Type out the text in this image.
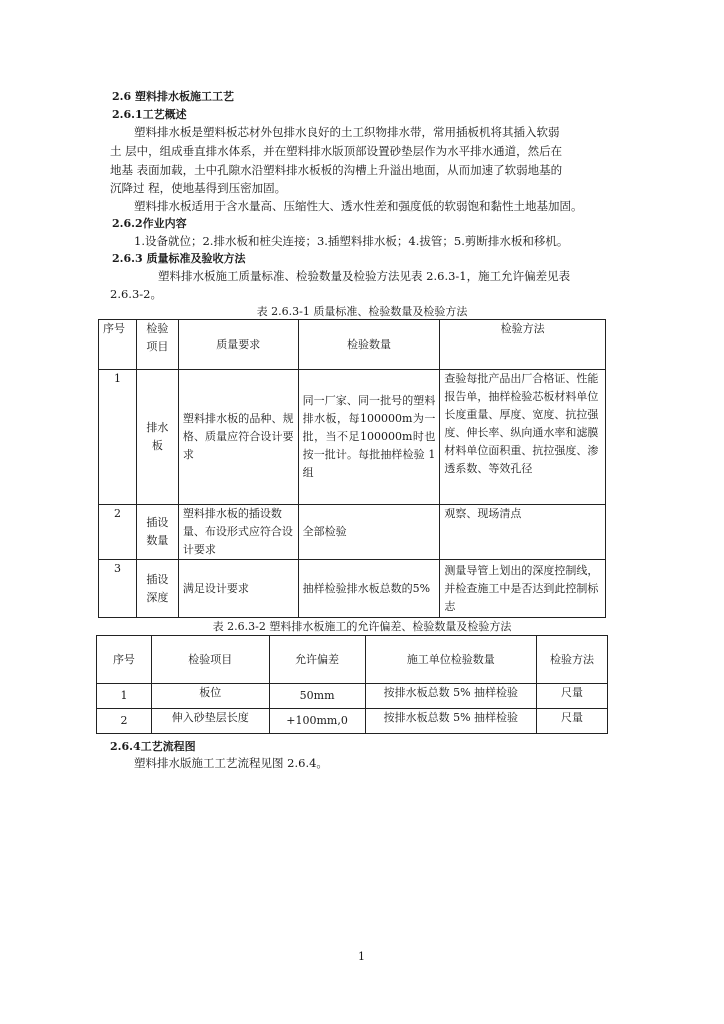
2.6 塑料排水板施工工艺
2.6.1工艺概述
塑料排水板是塑料板芯材外包排水良好的土工织物排水带，常用插板机将其插入软弱
土 层中，组成垂直排水体系，并在塑料排水版顶部设置砂垫层作为水平排水通道，然后在
地基 表面加载，土中孔隙水沿塑料排水板板的沟槽上升溢出地面，从而加速了软弱地基的
沉降过 程，使地基得到压密加固。
塑料排水板适用于含水量高、压缩性大、透水性差和强度低的软弱饱和黏性土地基加固。
2.6.2作业内容
1.设备就位；2.排水板和桩尖连接；3.插塑料排水板；4.拔管；5.剪断排水板和移机。
2.6.3 质量标准及验收方法
塑料排水板施工质量标准、检验数量及检验方法见表 2.6.3-1，施工允许偏差见表
2.6.3-2。
表 2.6.3-1 质量标准、检验数量及检验方法
序号	检验项目	质量要求	检验数量	检验方法
1	排水板	塑料排水板的品种、规格、质量应符合设计要求	同一厂家、同一批号的塑料排水板，每100000m为一批，当不足100000m时也按一批计。每批抽样检验 1 组	查验每批产品出厂合格证、性能报告单，抽样检验芯板材料单位长度重量、厚度、宽度、抗拉强度、伸长率、纵向通水率和滤膜材料单位面积重、抗拉强度、渗透系数、等效孔径
2	插设数量	塑料排水板的插设数量、布设形式应符合设计要求	全部检验	观察、现场清点
3	插设深度	满足设计要求	抽样检验排水板总数的5%	测量导管上划出的深度控制线，并检查施工中是否达到此控制标志
表 2.6.3-2 塑料排水板施工的允许偏差、检验数量及检验方法
序号	检验项目	允许偏差	施工单位检验数量	检验方法
1	板位	50mm	按排水板总数 5% 抽样检验	尺量
2	伸入砂垫层长度	+100mm,0	按排水板总数 5% 抽样检验	尺量
2.6.4工艺流程图
塑料排水版施工工艺流程见图 2.6.4。
1
